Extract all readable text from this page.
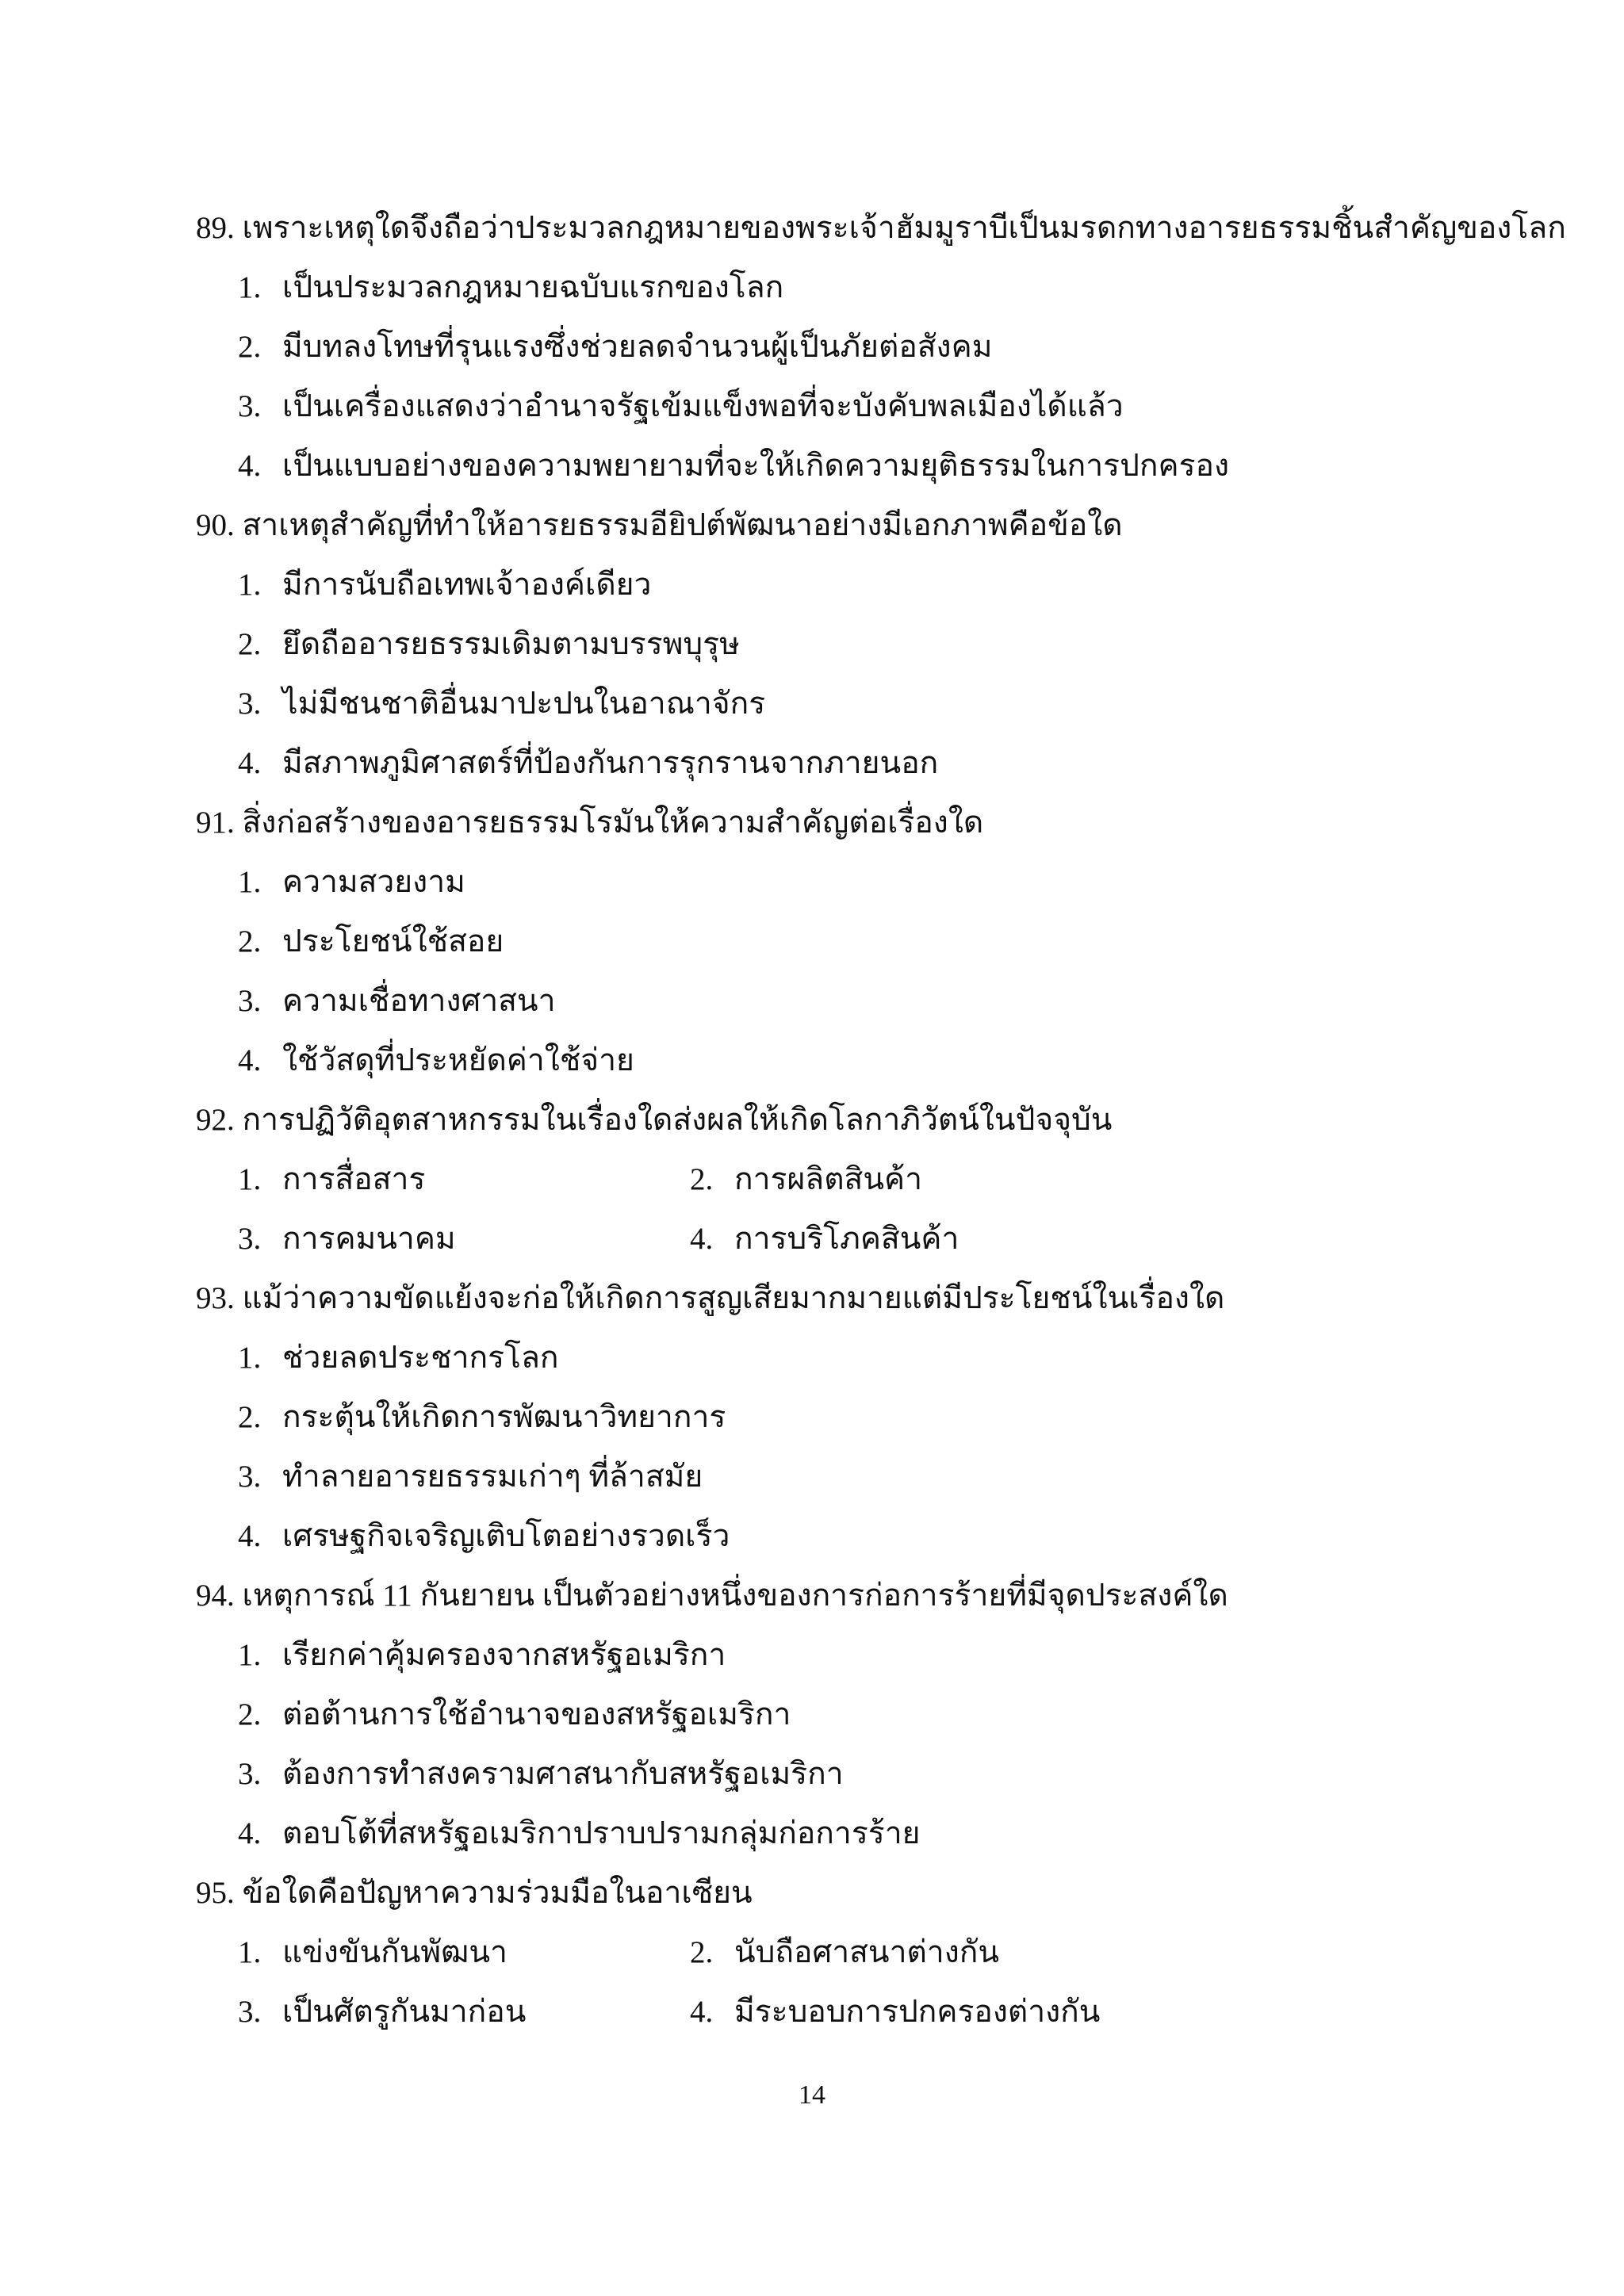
89. เพราะเหตุใดจึงถือว่าประมวลกฎหมายของพระเจ้าฮัมมูราบีเป็นมรดกทางอารยธรรมชิ้นสำคัญของโลก
1. เป็นประมวลกฎหมายฉบับแรกของโลก
2. มีบทลงโทษที่รุนแรงซึ่งช่วยลดจำนวนผู้เป็นภัยต่อสังคม
3. เป็นเครื่องแสดงว่าอำนาจรัฐเข้มแข็งพอที่จะบังคับพลเมืองได้แล้ว
4. เป็นแบบอย่างของความพยายามที่จะให้เกิดความยุติธรรมในการปกครอง
90. สาเหตุสำคัญที่ทำให้อารยธรรมอียิปต์พัฒนาอย่างมีเอกภาพคือข้อใด
1. มีการนับถือเทพเจ้าองค์เดียว
2. ยึดถืออารยธรรมเดิมตามบรรพบุรุษ
3. ไม่มีชนชาติอื่นมาปะปนในอาณาจักร
4. มีสภาพภูมิศาสตร์ที่ป้องกันการรุกรานจากภายนอก
91. สิ่งก่อสร้างของอารยธรรมโรมันให้ความสำคัญต่อเรื่องใด
1. ความสวยงาม
2. ประโยชน์ใช้สอย
3. ความเชื่อทางศาสนา
4. ใช้วัสดุที่ประหยัดค่าใช้จ่าย
92. การปฏิวัติอุตสาหกรรมในเรื่องใดส่งผลให้เกิดโลกาภิวัตน์ในปัจจุบัน
1. การสื่อสาร	2. การผลิตสินค้า
3. การคมนาคม	4. การบริโภคสินค้า
93. แม้ว่าความขัดแย้งจะก่อให้เกิดการสูญเสียมากมายแต่มีประโยชน์ในเรื่องใด
1. ช่วยลดประชากรโลก
2. กระตุ้นให้เกิดการพัฒนาวิทยาการ
3. ทำลายอารยธรรมเก่าๆ ที่ล้าสมัย
4. เศรษฐกิจเจริญเติบโตอย่างรวดเร็ว
94. เหตุการณ์ 11 กันยายน เป็นตัวอย่างหนึ่งของการก่อการร้ายที่มีจุดประสงค์ใด
1. เรียกค่าคุ้มครองจากสหรัฐอเมริกา
2. ต่อต้านการใช้อำนาจของสหรัฐอเมริกา
3. ต้องการทำสงครามศาสนากับสหรัฐอเมริกา
4. ตอบโต้ที่สหรัฐอเมริกาปราบปรามกลุ่มก่อการร้าย
95. ข้อใดคือปัญหาความร่วมมือในอาเซียน
1. แข่งขันกันพัฒนา	2. นับถือศาสนาต่างกัน
3. เป็นศัตรูกันมาก่อน	4. มีระบอบการปกครองต่างกัน
14
